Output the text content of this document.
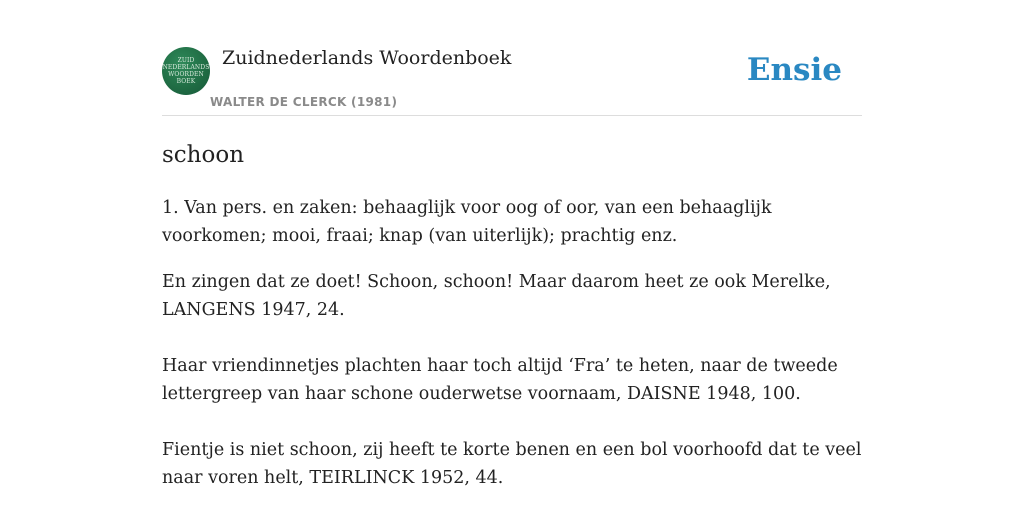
ZUID
NEDERLANDS
WOORDEN
BOEK
Zuidnederlands Woordenboek
WALTER DE CLERCK (1981)
Ensie
schoon

1. Van pers. en zaken: behaaglijk voor oog of oor, van een behaaglijk voorkomen; mooi, fraai; knap (van uiterlijk); prachtig enz.

En zingen dat ze doet! Schoon, schoon! Maar daarom heet ze ook Merelke, LANGENS 1947, 24.

Haar vriendinnetjes plachten haar toch altijd ‘Fra’ te heten, naar de tweede lettergreep van haar schone ouderwetse voornaam, DAISNE 1948, 100.

Fientje is niet schoon, zij heeft te korte benen en een bol voorhoofd dat te veel naar voren helt, TEIRLINCK 1952, 44.
